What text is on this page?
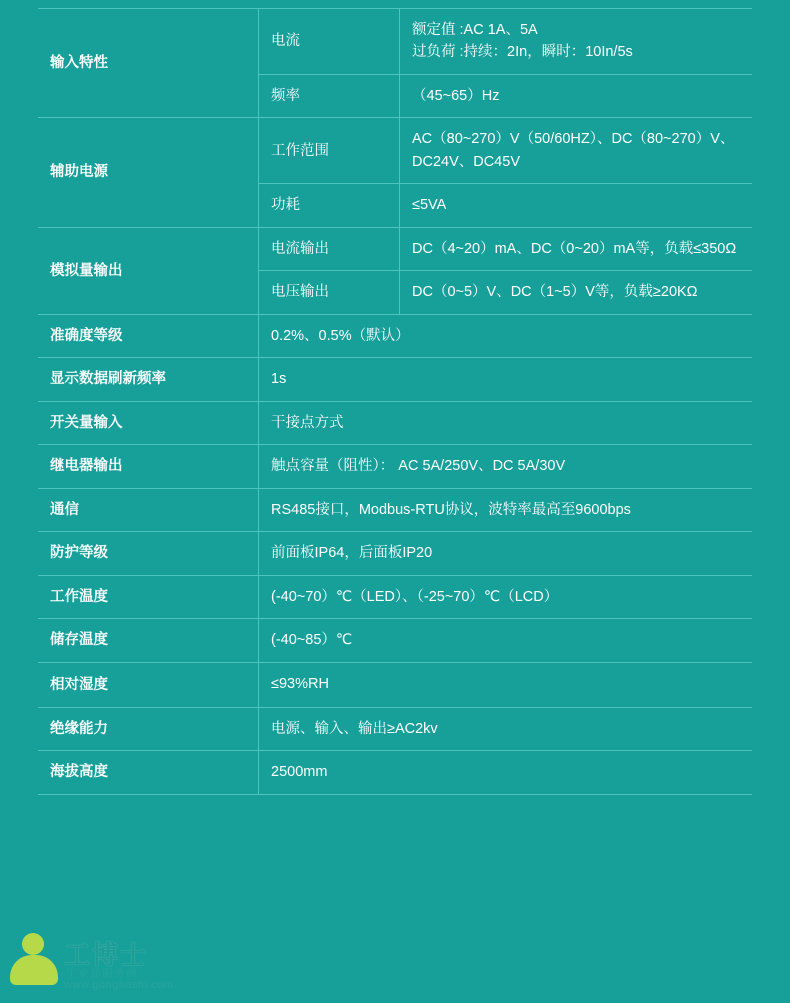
输入特性	电流	额定值 :AC 1A、5A
过负荷 :持续：2In，瞬时：10In/5s

	频率	（45~65）Hz
辅助电源	工作范围	AC（80~270）V（50/60HZ）、DC（80~270）V、
DC24V、DC45V

	功耗	≤5VA
模拟量输出	电流输出	DC（4~20）mA、DC（0~20）mA等，负载≤350Ω
	电压输出	DC（0~5）V、DC（1~5）V等，负载≥20KΩ
准确度等级	0.2%、0.5%（默认）	
显示数据刷新频率	1s	
开关量输入	干接点方式	
继电器输出	触点容量（阻性）： AC 5A/250V、DC 5A/30V	
通信	RS485接口，Modbus-RTU协议，波特率最高至9600bps	
防护等级	前面板IP64，后面板IP20	
工作温度	(-40~70）℃（LED）、（-25~70）℃（LCD）	
储存温度	(-40~85）℃	
相对湿度	≤93%RH	
绝缘能力	电源、输入、输出≥AC2kv	
海拔高度	2500mm	
工博士
工业品服务商
www.gongboshi.com
